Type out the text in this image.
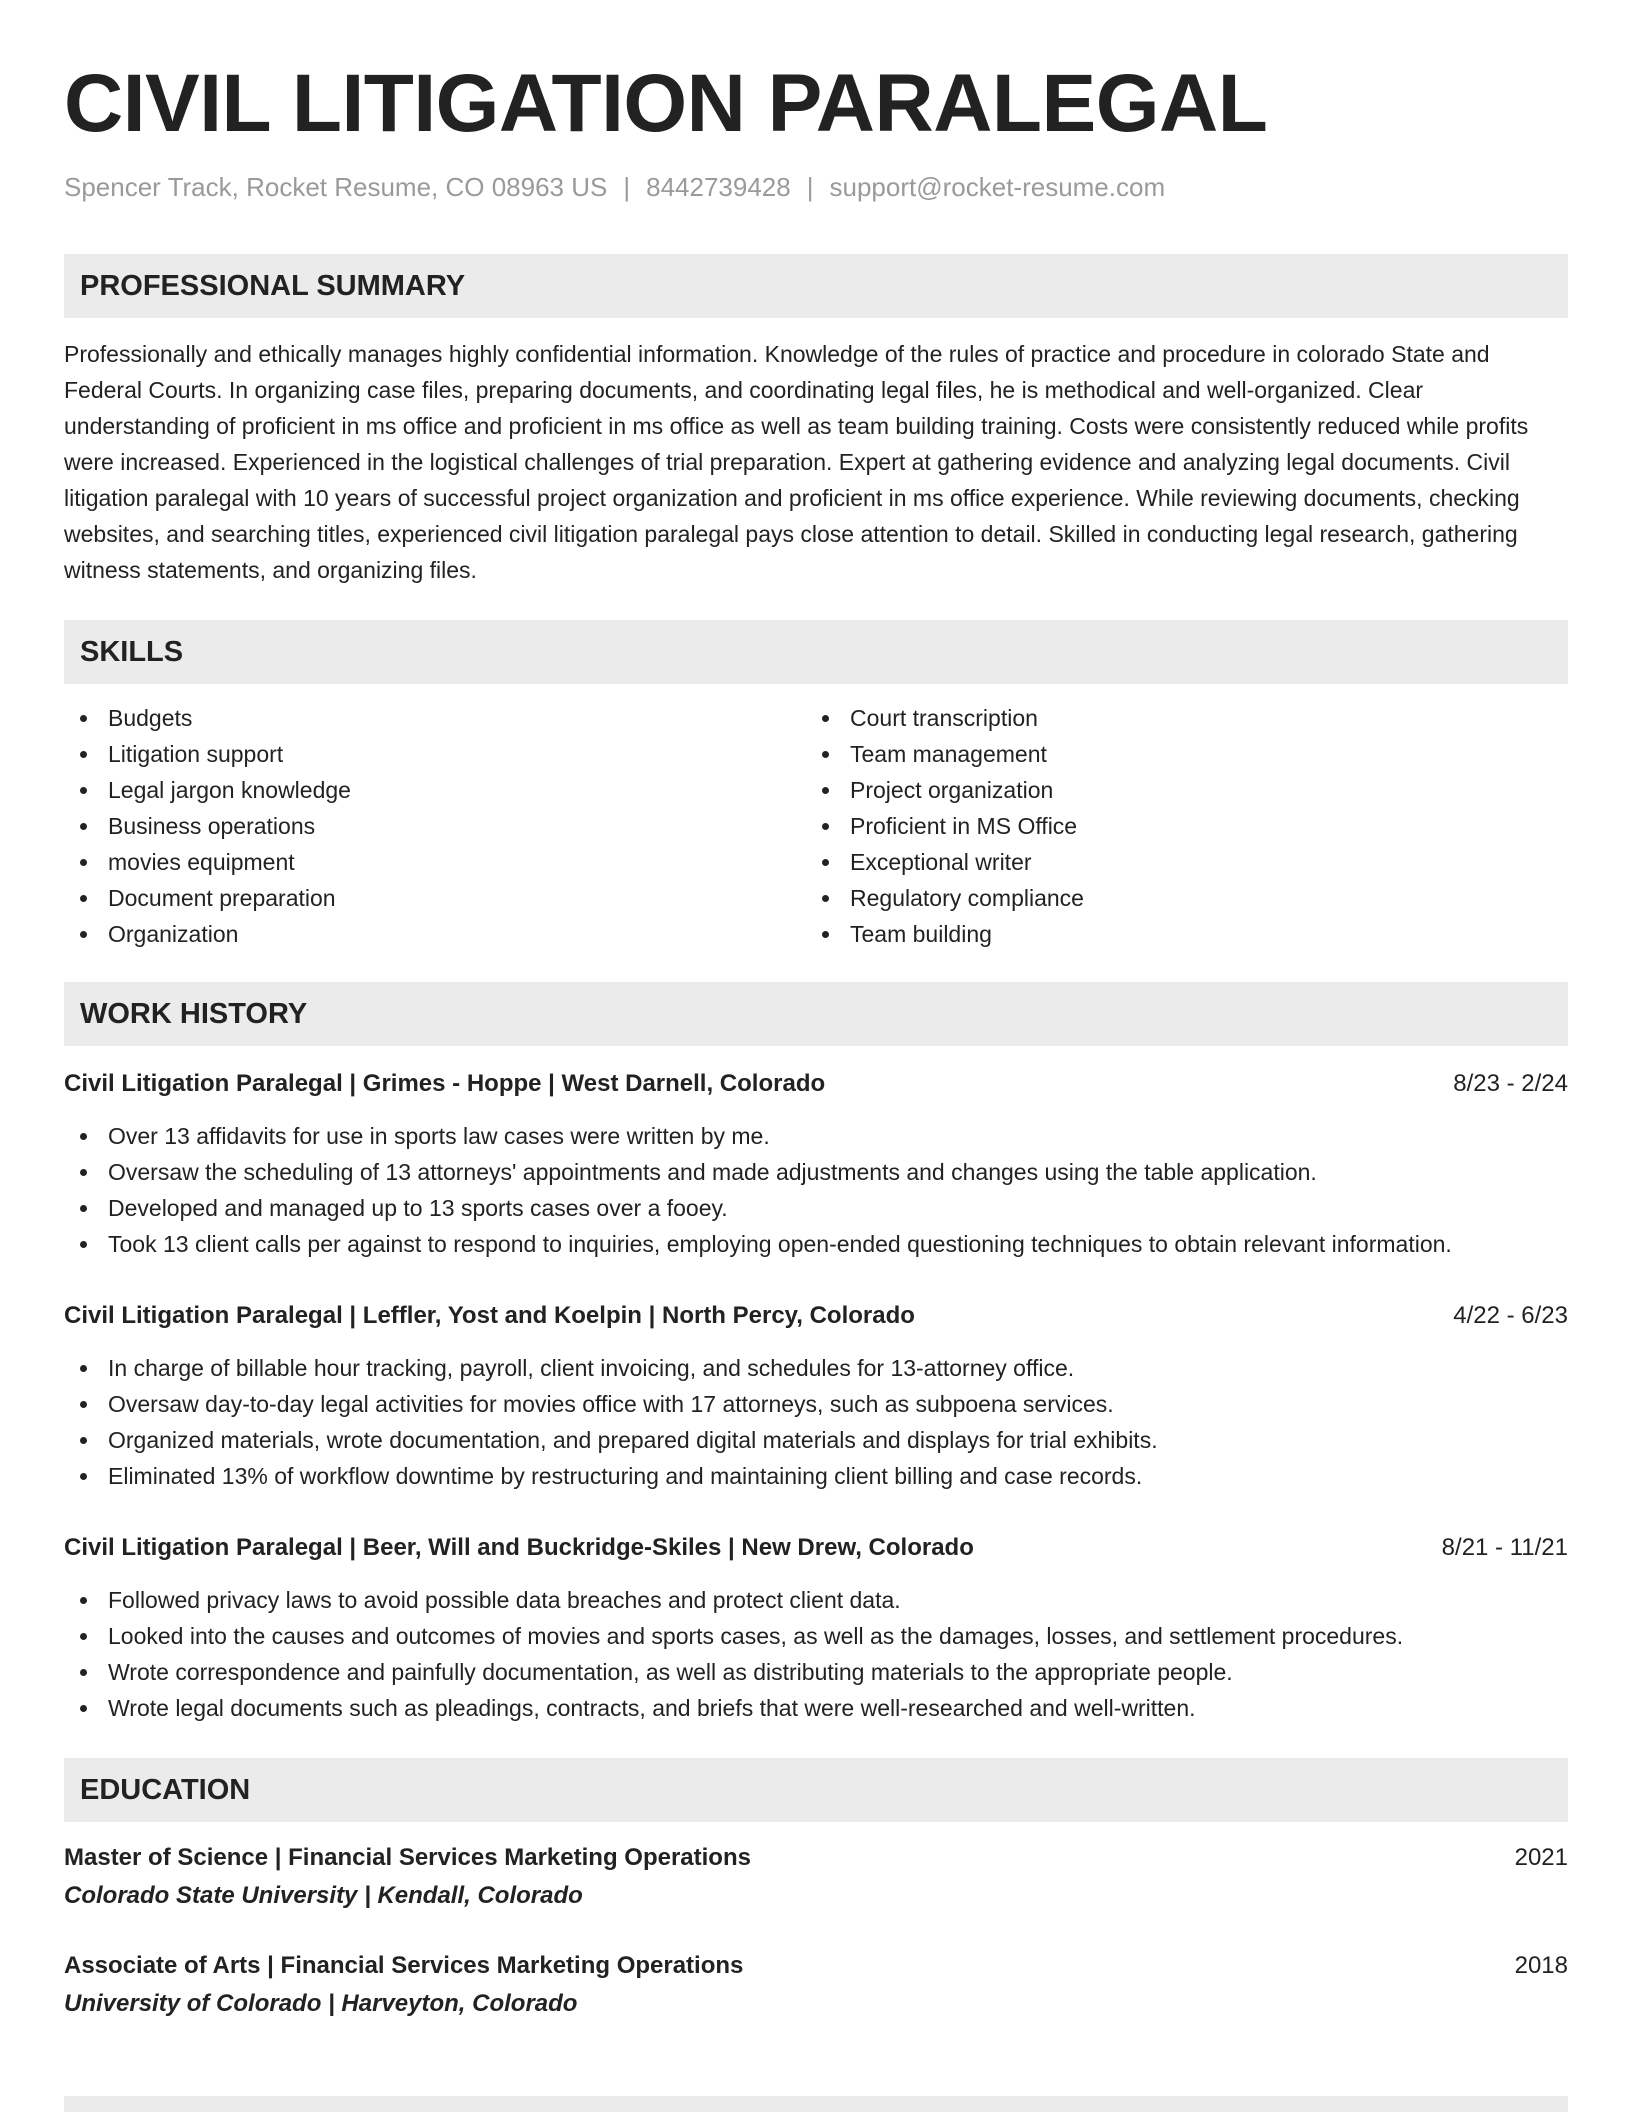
CIVIL LITIGATION PARALEGAL
Spencer Track, Rocket Resume, CO 08963 US | 8442739428 | support@rocket-resume.com
PROFESSIONAL SUMMARY

Professionally and ethically manages highly confidential information. Knowledge of the rules of practice and procedure in colorado State and Federal Courts. In organizing case files, preparing documents, and coordinating legal files, he is methodical and well-organized. Clear understanding of proficient in ms office and proficient in ms office as well as team building training. Costs were consistently reduced while profits were increased. Experienced in the logistical challenges of trial preparation. Expert at gathering evidence and analyzing legal documents. Civil litigation paralegal with 10 years of successful project organization and proficient in ms office experience. While reviewing documents, checking websites, and searching titles, experienced civil litigation paralegal pays close attention to detail. Skilled in conducting legal research, gathering witness statements, and organizing files.

SKILLS
Budgets
Litigation support
Legal jargon knowledge
Business operations
movies equipment
Document preparation
Organization
Court transcription
Team management
Project organization
Proficient in MS Office
Exceptional writer
Regulatory compliance
Team building
WORK HISTORY
Civil Litigation Paralegal | Grimes - Hoppe | West Darnell, Colorado	8/23 - 2/24
Over 13 affidavits for use in sports law cases were written by me.
Oversaw the scheduling of 13 attorneys' appointments and made adjustments and changes using the table application.
Developed and managed up to 13 sports cases over a fooey.
Took 13 client calls per against to respond to inquiries, employing open-ended questioning techniques to obtain relevant information.
Civil Litigation Paralegal | Leffler, Yost and Koelpin | North Percy, Colorado	4/22 - 6/23
In charge of billable hour tracking, payroll, client invoicing, and schedules for 13-attorney office.
Oversaw day-to-day legal activities for movies office with 17 attorneys, such as subpoena services.
Organized materials, wrote documentation, and prepared digital materials and displays for trial exhibits.
Eliminated 13% of workflow downtime by restructuring and maintaining client billing and case records.
Civil Litigation Paralegal | Beer, Will and Buckridge-Skiles | New Drew, Colorado	8/21 - 11/21
Followed privacy laws to avoid possible data breaches and protect client data.
Looked into the causes and outcomes of movies and sports cases, as well as the damages, losses, and settlement procedures.
Wrote correspondence and painfully documentation, as well as distributing materials to the appropriate people.
Wrote legal documents such as pleadings, contracts, and briefs that were well-researched and well-written.
EDUCATION
Master of Science | Financial Services Marketing Operations	2021
Colorado State University | Kendall, Colorado
Associate of Arts | Financial Services Marketing Operations	2018
University of Colorado | Harveyton, Colorado
